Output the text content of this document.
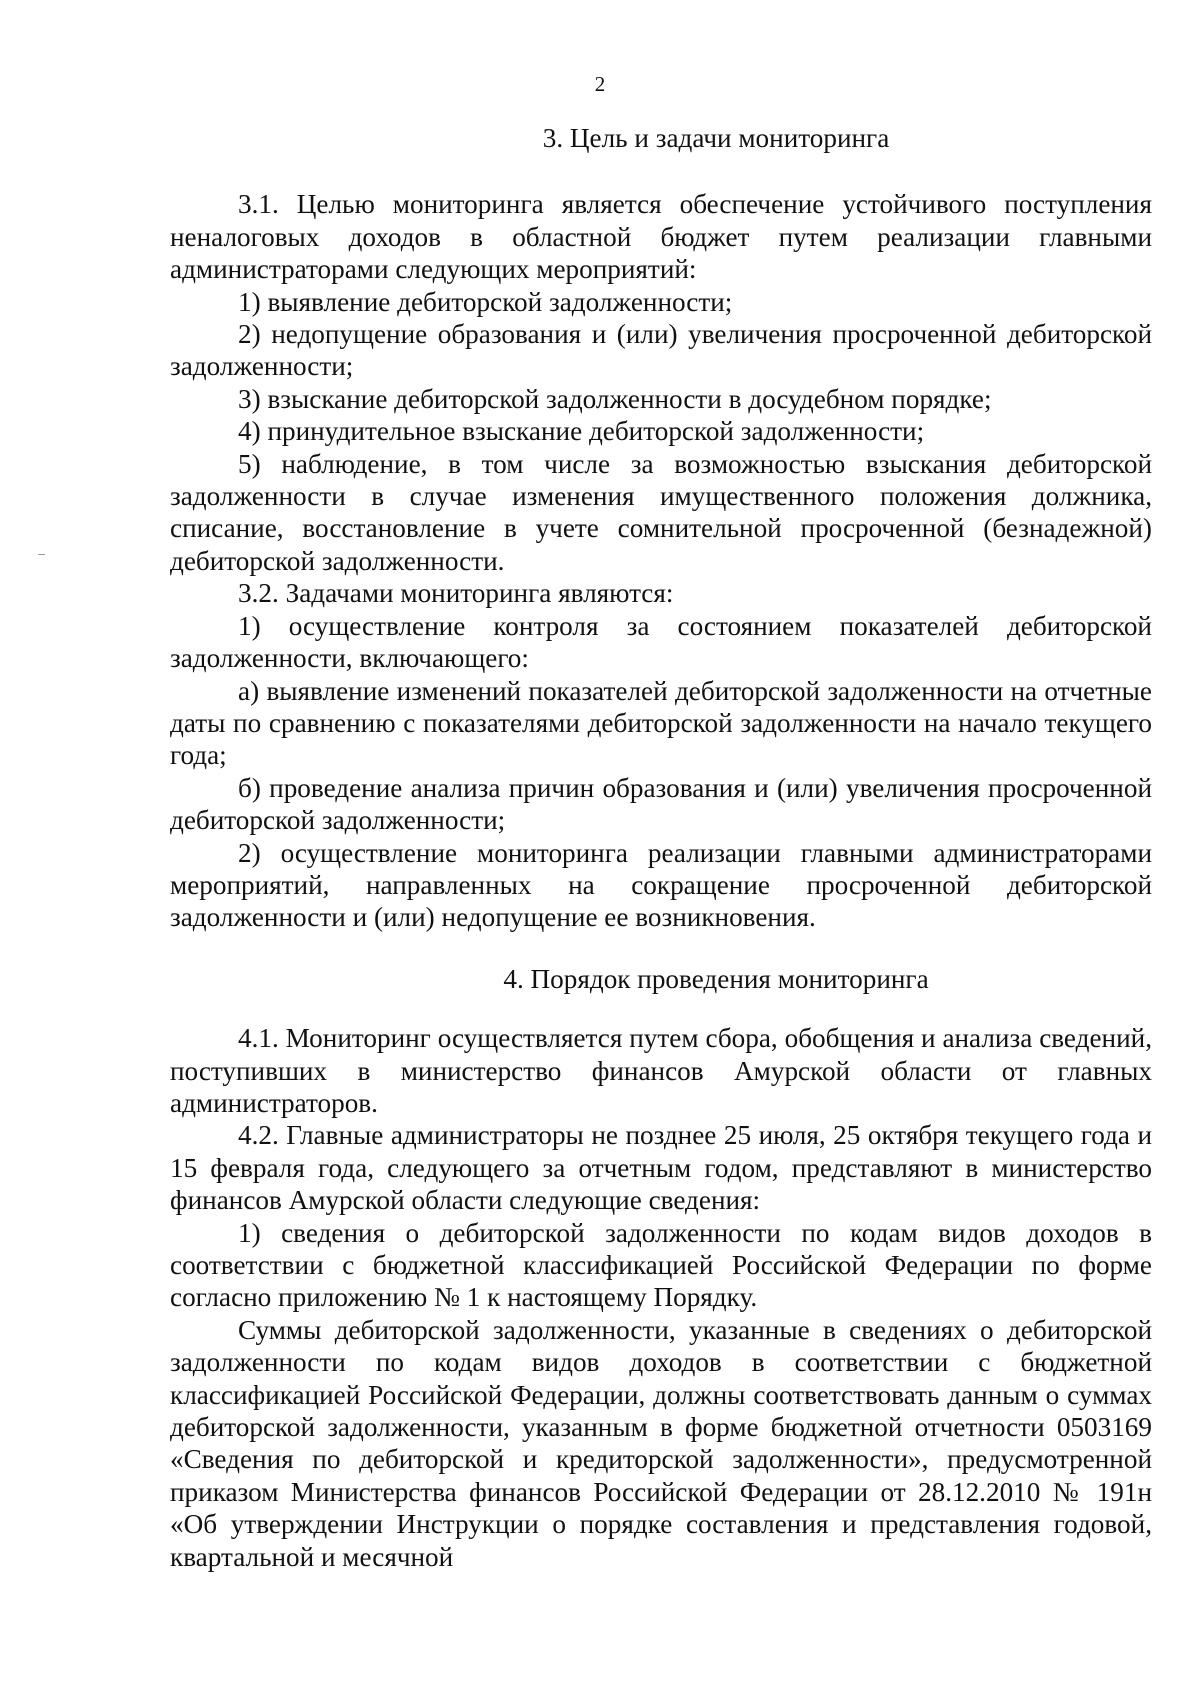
2
3. Цель и задачи мониторинга

3.1. Целью мониторинга является обеспечение устойчивого поступления неналоговых доходов в областной бюджет путем реализации главными администраторами следующих мероприятий:

1) выявление дебиторской задолженности;

2) недопущение образования и (или) увеличения просроченной дебиторской задолженности;

3) взыскание дебиторской задолженности в досудебном порядке;

4) принудительное взыскание дебиторской задолженности;

5) наблюдение, в том числе за возможностью взыскания дебиторской задолженности в случае изменения имущественного положения должника, списание, восстановление в учете сомнительной просроченной (безнадежной) дебиторской задолженности.

3.2. Задачами мониторинга являются:

1) осуществление контроля за состоянием показателей дебиторской задолженности, включающего:

а) выявление изменений показателей дебиторской задолженности на отчетные даты по сравнению с показателями дебиторской задолженности на начало текущего года;

б) проведение анализа причин образования и (или) увеличения просроченной дебиторской задолженности;

2) осуществление мониторинга реализации главными администраторами мероприятий, направленных на сокращение просроченной дебиторской задолженности и (или) недопущение ее возникновения.

4. Порядок проведения мониторинга

4.1. Мониторинг осуществляется путем сбора, обобщения и анализа сведений, поступивших в министерство финансов Амурской области от главных администраторов.

4.2. Главные администраторы не позднее 25 июля, 25 октября текущего года и 15 февраля года, следующего за отчетным годом, представляют в министерство финансов Амурской области следующие сведения:

1) сведения о дебиторской задолженности по кодам видов доходов в соответствии с бюджетной классификацией Российской Федерации по форме согласно приложению № 1 к настоящему Порядку.

Суммы дебиторской задолженности, указанные в сведениях о дебиторской задолженности по кодам видов доходов в соответствии с бюджетной классификацией Российской Федерации, должны соответствовать данным о суммах дебиторской задолженности, указанным в форме бюджетной отчетности 0503169 «Сведения по дебиторской и кредиторской задолженности», предусмотренной приказом Министерства финансов Российской Федерации от 28.12.2010 № 191н «Об утверждении Инструкции о порядке составления и представления годовой, квартальной и месячной
